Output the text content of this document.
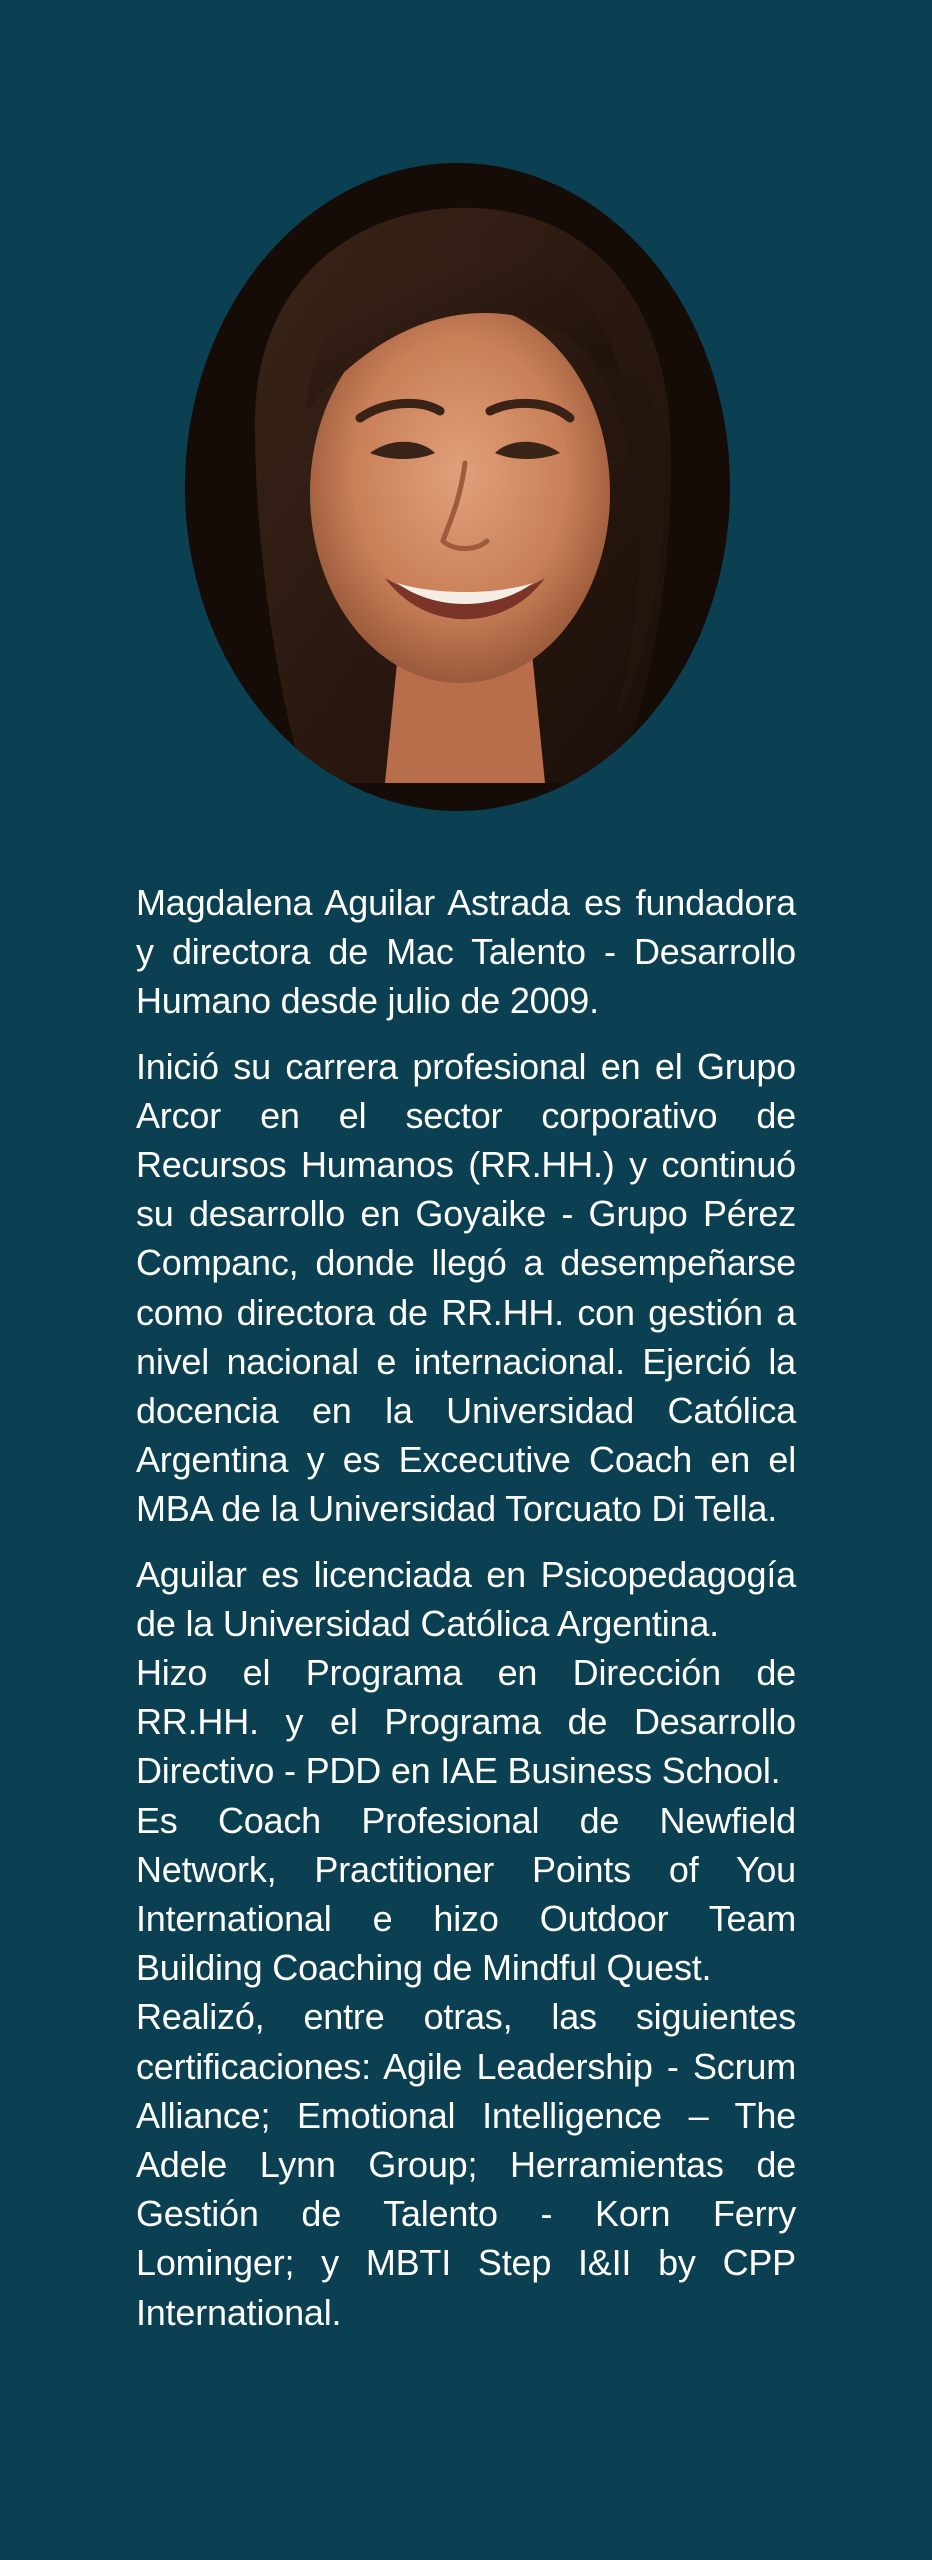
Magdalena Aguilar Astrada es fundadora y directora de Mac Talento - Desarrollo Humano desde julio de 2009.

Inició su carrera profesional en el Grupo Arcor en el sector corporativo de Recursos Humanos (RR.HH.) y continuó su desarrollo en Goyaike - Grupo Pérez Companc, donde llegó a desempeñarse como directora de RR.HH. con gestión a nivel nacional e internacional. Ejerció la docencia en la Universidad Católica Argentina y es Excecutive Coach en el MBA de la Universidad Torcuato Di Tella.

Aguilar es licenciada en Psicopedagogía de la Universidad Católica Argentina.

Hizo el Programa en Dirección de RR.HH. y el Programa de Desarrollo Directivo - PDD en IAE Business School.

Es Coach Profesional de Newfield Network, Practitioner Points of You International e hizo Outdoor Team Building Coaching de Mindful Quest.

Realizó, entre otras, las siguientes certificaciones: Agile Leadership - Scrum Alliance; Emotional Intelligence – The Adele Lynn Group; Herramientas de Gestión de Talento - Korn Ferry Lominger; y MBTI Step I&II by CPP International.
